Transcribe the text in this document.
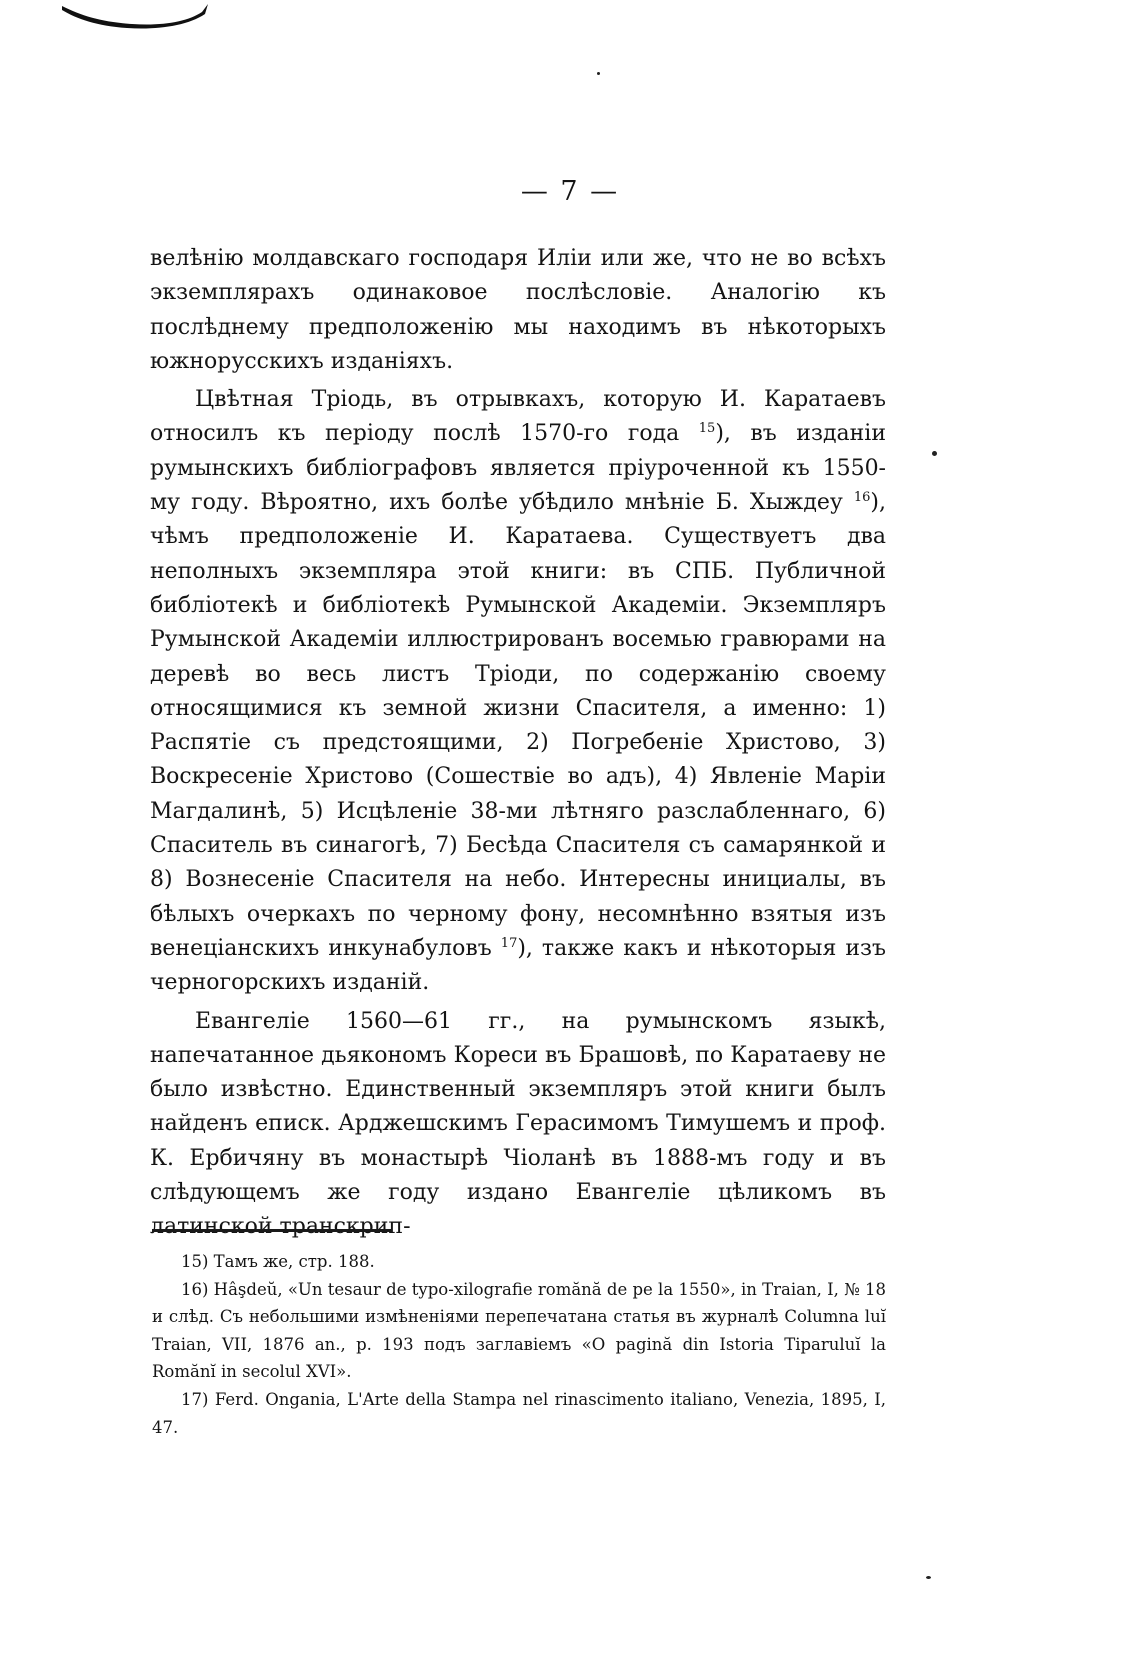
— 7 —

велѣнію молдавскаго господаря Иліи или же, что не во всѣхъ экземплярахъ одинаковое послѣсловіе. Аналогію къ послѣднему предположенію мы находимъ въ нѣкоторыхъ южнорусскихъ изданіяхъ.

Цвѣтная Тріодь, въ отрывкахъ, которую И. Каратаевъ относилъ къ періоду послѣ 1570-го года $^{15}$), въ изданіи румынскихъ библіографовъ является пріуроченной къ 1550-му году. Вѣроятно, ихъ болѣе убѣдило мнѣніе Б. Хыждеу $^{16}$), чѣмъ предположеніе И. Каратаева. Существуетъ два неполныхъ экземпляра этой книги: въ СПБ. Публичной библіотекѣ и библіотекѣ Румынской Академіи. Экземпляръ Румынской Академіи иллюстрированъ восемью гравюрами на деревѣ во весь листъ Тріоди, по содержанію своему относящимися къ земной жизни Спасителя, а именно: 1) Распятіе съ предстоящими, 2) Погребеніе Христово, 3) Воскресеніе Христово (Сошествіе во адъ), 4) Явленіе Маріи Магдалинѣ, 5) Исцѣленіе 38-ми лѣтняго разслабленнаго, 6) Спаситель въ синагогѣ, 7) Бесѣда Спасителя съ самарянкой и 8) Вознесеніе Спасителя на небо. Интересны инициалы, въ бѣлыхъ очеркахъ по черному фону, несомнѣнно взятыя изъ венеціанскихъ инкунабуловъ $^{17}$), также какъ и нѣкоторыя изъ черногорскихъ изданій.

Евангеліе 1560—61 гг., на румынскомъ языкѣ, напечатанное дьякономъ Кореси въ Брашовѣ, по Каратаеву не было извѣстно. Единственный экземпляръ этой книги былъ найденъ еписк. Арджешскимъ Герасимомъ Тимушемъ и проф. К. Ербичяну въ монастырѣ Чіоланѣ въ 1888-мъ году и въ слѣдующемъ же году издано Евангеліе цѣликомъ въ латинской транскрип-

15) Тамъ же, стр. 188.

16) Hâşdeŭ, «Un tesaur de typo-xilografie romănă de pe la 1550», in Traian, I, № 18 и слѣд. Съ небольшими измѣненіями перепечатана статья въ журналѣ Columna luĭ Traian, VII, 1876 an., p. 193 подъ заглавіемъ «O pagină din Istoria Tiparuluĭ la Romănĭ in secolul XVI».

17) Ferd. Ongania, L'Arte della Stampa nel rinascimento italiano, Venezia, 1895, I, 47.
